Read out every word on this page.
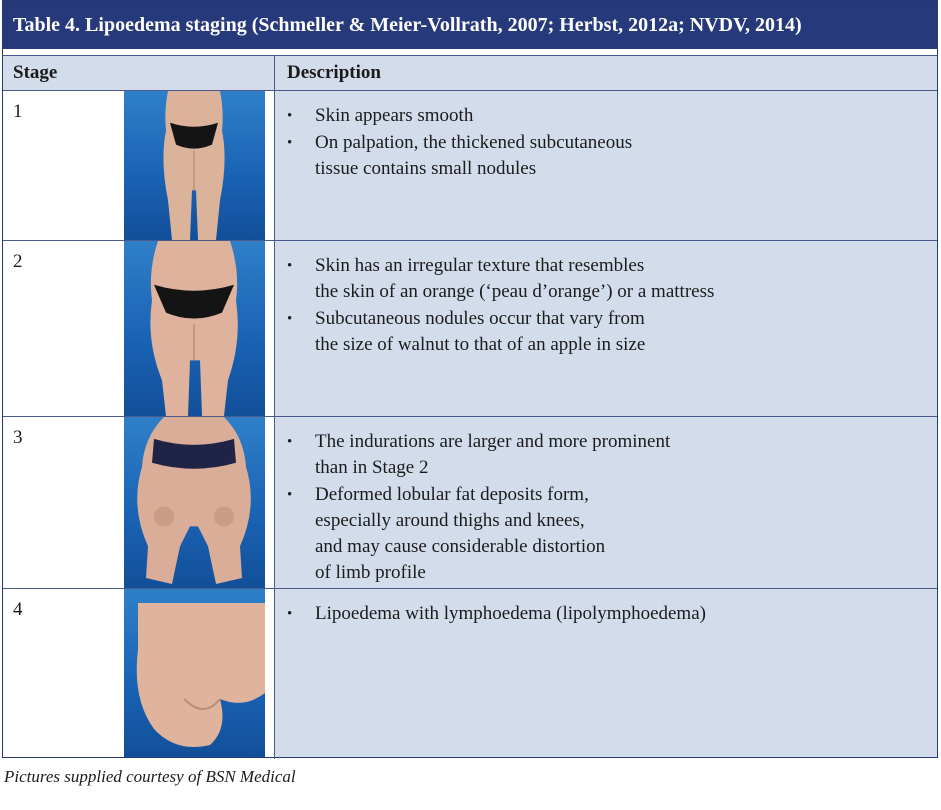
Table 4. Lipoedema staging (Schmeller & Meier-Vollrath, 2007; Herbst, 2012a; NVDV, 2014)
Stage	Description
1	• Skin appears smooth
• On palpation, the thickened subcutaneous
tissue contains small nodules
2	• Skin has an irregular texture that resembles
the skin of an orange (‘peau d’orange’) or a mattress
• Subcutaneous nodules occur that vary from
the size of walnut to that of an apple in size
3	• The indurations are larger and more prominent
than in Stage 2
• Deformed lobular fat deposits form,
especially around thighs and knees,
and may cause considerable distortion
of limb profile
4	• Lipoedema with lymphoedema (lipolymphoedema)
Pictures supplied courtesy of BSN Medical
